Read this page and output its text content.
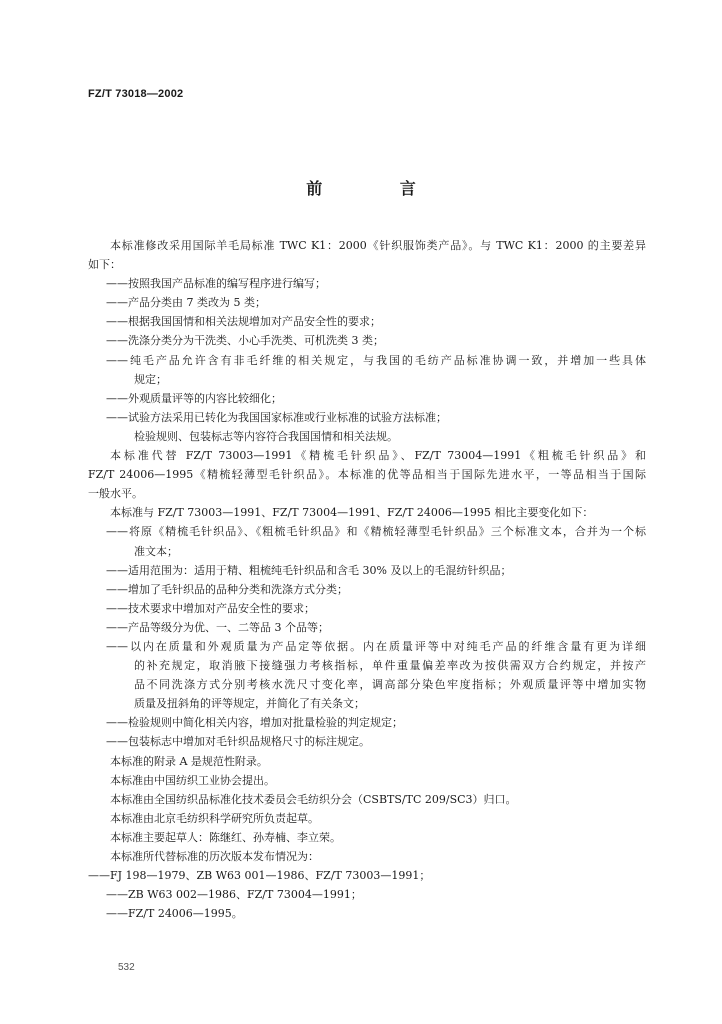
FZ/T 73018—2002
前 言
本标准修改采用国际羊毛局标准 TWC K1：2000《针织服饰类产品》。与 TWC K1：2000 的主要差异
如下：
——按照我国产品标准的编写程序进行编写；
——产品分类由 7 类改为 5 类；
——根据我国国情和相关法规增加对产品安全性的要求；
——洗涤分类分为干洗类、小心手洗类、可机洗类 3 类；
——纯毛产品允许含有非毛纤维的相关规定，与我国的毛纺产品标准协调一致，并增加一些具体
规定；
——外观质量评等的内容比较细化；
——试验方法采用已转化为我国国家标准或行业标准的试验方法标准；
检验规则、包装标志等内容符合我国国情和相关法规。
本标准代替 FZ/T 73003—1991《精梳毛针织品》、FZ/T 73004—1991《粗梳毛针织品》和
FZ/T 24006—1995《精梳轻薄型毛针织品》。本标准的优等品相当于国际先进水平，一等品相当于国际
一般水平。
本标准与 FZ/T 73003—1991、FZ/T 73004—1991、FZ/T 24006—1995 相比主要变化如下：
——将原《精梳毛针织品》、《粗梳毛针织品》和《精梳轻薄型毛针织品》三个标准文本，合并为一个标
准文本；
——适用范围为：适用于精、粗梳纯毛针织品和含毛 30% 及以上的毛混纺针织品；
——增加了毛针织品的品种分类和洗涤方式分类；
——技术要求中增加对产品安全性的要求；
——产品等级分为优、一、二等品 3 个品等；
——以内在质量和外观质量为产品定等依据。内在质量评等中对纯毛产品的纤维含量有更为详细
的补充规定，取消腋下接缝强力考核指标，单件重量偏差率改为按供需双方合约规定，并按产
品不同洗涤方式分别考核水洗尺寸变化率，调高部分染色牢度指标；外观质量评等中增加实物
质量及扭斜角的评等规定，并简化了有关条文；
——检验规则中简化相关内容，增加对批量检验的判定规定；
——包装标志中增加对毛针织品规格尺寸的标注规定。
本标准的附录 A 是规范性附录。
本标准由中国纺织工业协会提出。
本标准由全国纺织品标准化技术委员会毛纺织分会（CSBTS/TC 209/SC3）归口。
本标准由北京毛纺织科学研究所负责起草。
本标准主要起草人：陈继红、孙寿楠、李立荣。
本标准所代替标准的历次版本发布情况为：
——FJ 198—1979、ZB W63 001—1986、FZ/T 73003—1991；
——ZB W63 002—1986、FZ/T 73004—1991；
——FZ/T 24006—1995。
532
